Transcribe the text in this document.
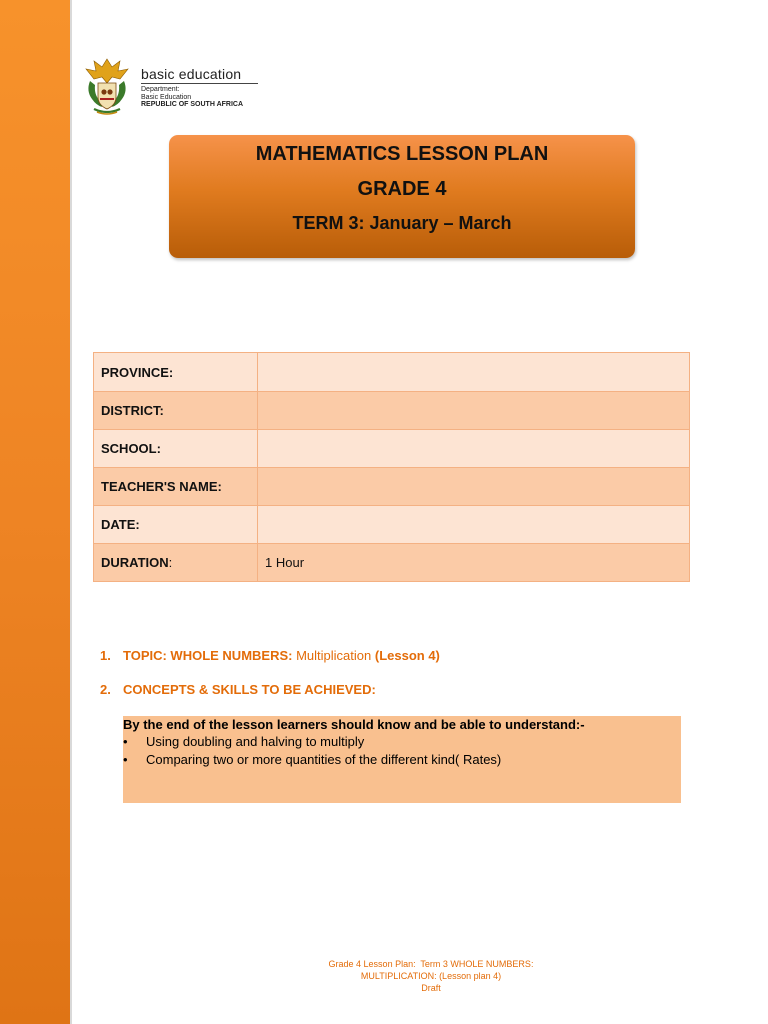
basic education
Department:
Basic Education
REPUBLIC OF SOUTH AFRICA
MATHEMATICS LESSON PLAN
GRADE 4
TERM 3: January – March
PROVINCE:	
DISTRICT:	
SCHOOL:	
TEACHER'S NAME:	
DATE:	
DURATION:	1 Hour
1. TOPIC: WHOLE NUMBERS: Multiplication (Lesson 4)
2. CONCEPTS & SKILLS TO BE ACHIEVED:
By the end of the lesson learners should know and be able to understand:-
• Using doubling and halving to multiply
• Comparing two or more quantities of the different kind( Rates)
Grade 4 Lesson Plan:  Term 3 WHOLE NUMBERS:
MULTIPLICATION: (Lesson plan 4)
Draft
